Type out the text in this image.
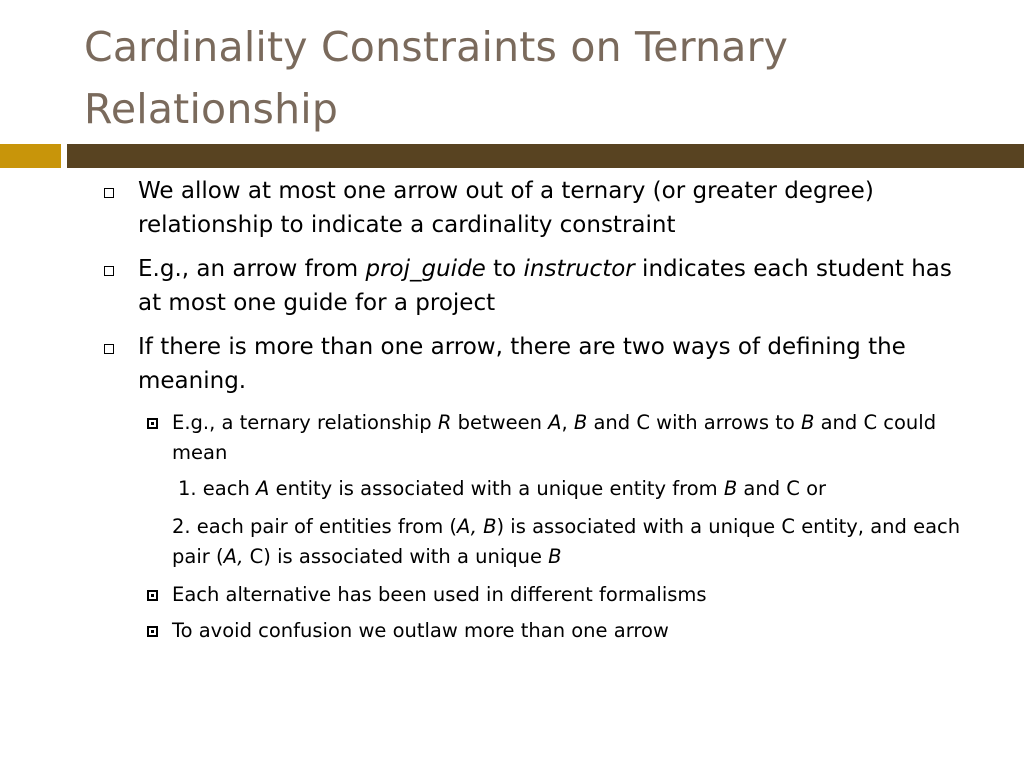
Cardinality Constraints on Ternary Relationship
We allow at most one arrow out of a ternary (or greater degree) relationship to indicate a cardinality constraint
E.g., an arrow from proj_guide to instructor indicates each student has at most one guide for a project
If there is more than one arrow, there are two ways of defining the meaning.
E.g., a ternary relationship R between A, B and C with arrows to B and C could mean
1. each A entity is associated with a unique entity from B and C or
2. each pair of entities from (A, B) is associated with a unique C entity, and each pair (A, C) is associated with a unique B
Each alternative has been used in different formalisms
To avoid confusion we outlaw more than one arrow
